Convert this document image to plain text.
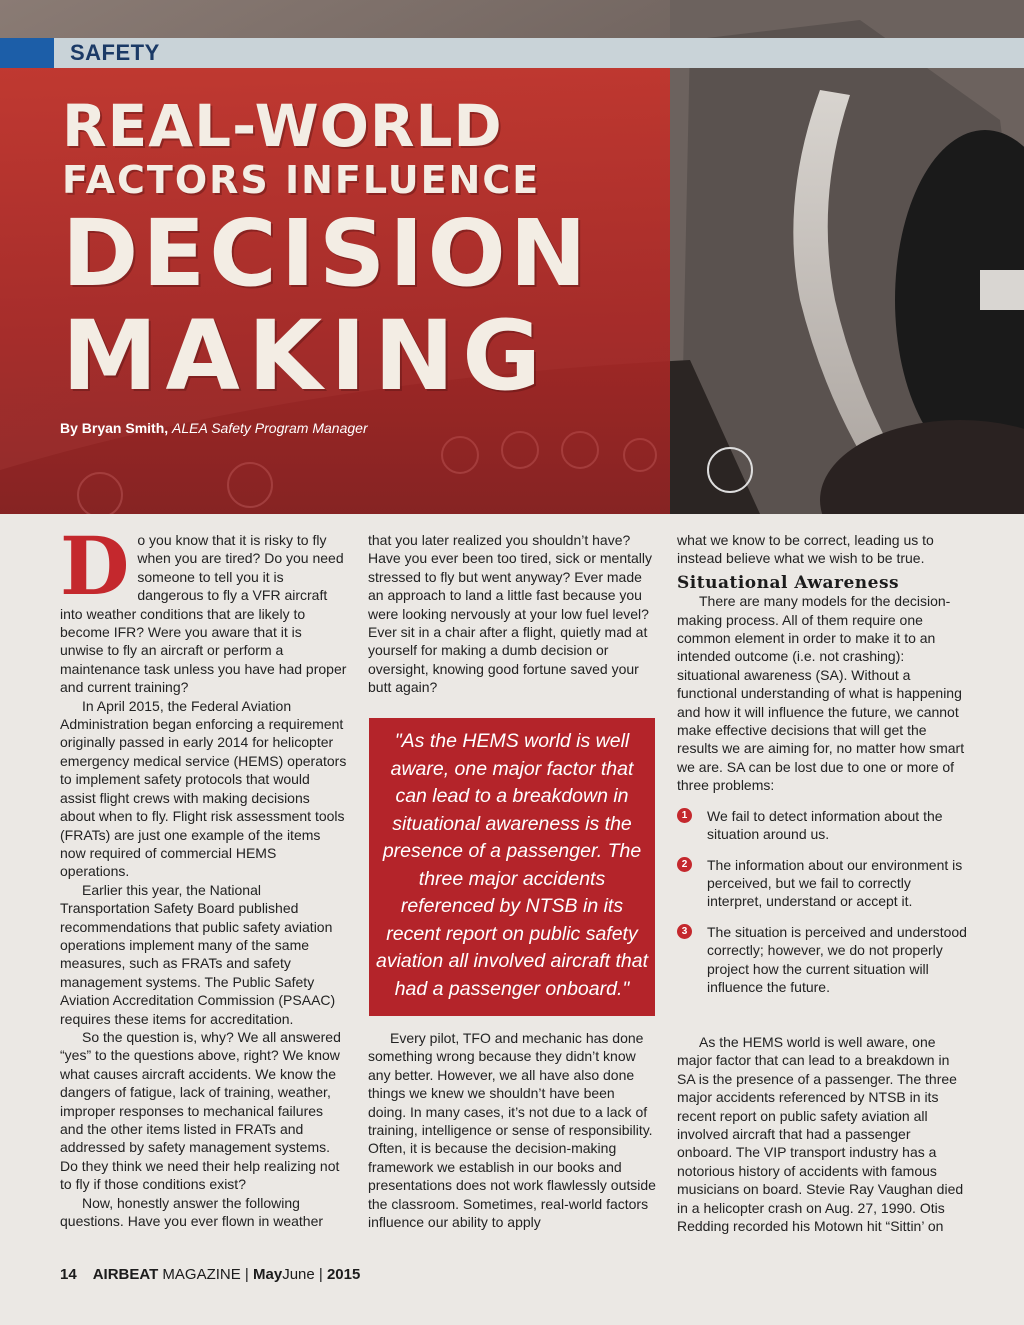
SAFETY
REAL-WORLD
FACTORS INFLUENCE
DECISION
MAKING
By Bryan Smith, ALEA Safety Program Manager
D o you know that it is risky to fly when you are tired? Do you need someone to tell you it is dangerous to fly a VFR aircraft into weather conditions that are likely to become IFR? Were you aware that it is unwise to fly an aircraft or perform a maintenance task unless you have had proper and current training?

In April 2015, the Federal Aviation Administration began enforcing a requirement originally passed in early 2014 for helicopter emergency medical service (HEMS) operators to implement safety protocols that would assist flight crews with making decisions about when to fly. Flight risk assessment tools (FRATs) are just one example of the items now required of commercial HEMS operations.

Earlier this year, the National Transportation Safety Board published recommendations that public safety aviation operations implement many of the same measures, such as FRATs and safety management systems. The Public Safety Aviation Accreditation Commission (PSAAC) requires these items for accreditation.

So the question is, why? We all answered “yes” to the questions above, right? We know what causes aircraft accidents. We know the dangers of fatigue, lack of training, weather, improper responses to mechanical failures and the other items listed in FRATs and addressed by safety management systems. Do they think we need their help realizing not to fly if those conditions exist?

Now, honestly answer the following questions. Have you ever flown in weather

that you later realized you shouldn’t have? Have you ever been too tired, sick or mentally stressed to fly but went anyway? Ever made an approach to land a little fast because you were looking nervously at your low fuel level? Ever sit in a chair after a flight, quietly mad at yourself for making a dumb decision or oversight, knowing good fortune saved your butt again?

"As the HEMS world is well aware, one major factor that can lead to a breakdown in situational awareness is the presence of a passenger. The three major accidents referenced by NTSB in its recent report on public safety aviation all involved aircraft that had a passenger onboard."

Every pilot, TFO and mechanic has done something wrong because they didn’t know any better. However, we all have also done things we knew we shouldn’t have been doing. In many cases, it’s not due to a lack of training, intelligence or sense of responsibility. Often, it is because the decision-making framework we establish in our books and presentations does not work flawlessly outside the classroom. Sometimes, real-world factors influence our ability to apply

what we know to be correct, leading us to instead believe what we wish to be true.

Situational Awareness

There are many models for the decision-making process. All of them require one common element in order to make it to an intended outcome (i.e. not crashing): situational awareness (SA). Without a functional understanding of what is happening and how it will influence the future, we cannot make effective decisions that will get the results we are aiming for, no matter how smart we are. SA can be lost due to one or more of three problems:

1	We fail to detect information about the situation around us.
2	The information about our environment is perceived, but we fail to correctly interpret, understand or accept it.
3	The situation is perceived and understood correctly; however, we do not properly project how the current situation will influence the future.

As the HEMS world is well aware, one major factor that can lead to a breakdown in SA is the presence of a passenger. The three major accidents referenced by NTSB in its recent report on public safety aviation all involved aircraft that had a passenger onboard. The VIP transport industry has a notorious history of accidents with famous musicians on board. Stevie Ray Vaughan died in a helicopter crash on Aug. 27, 1990. Otis Redding recorded his Motown hit “Sittin’ on

14 AIRBEAT MAGAZINE | MayJune | 2015
